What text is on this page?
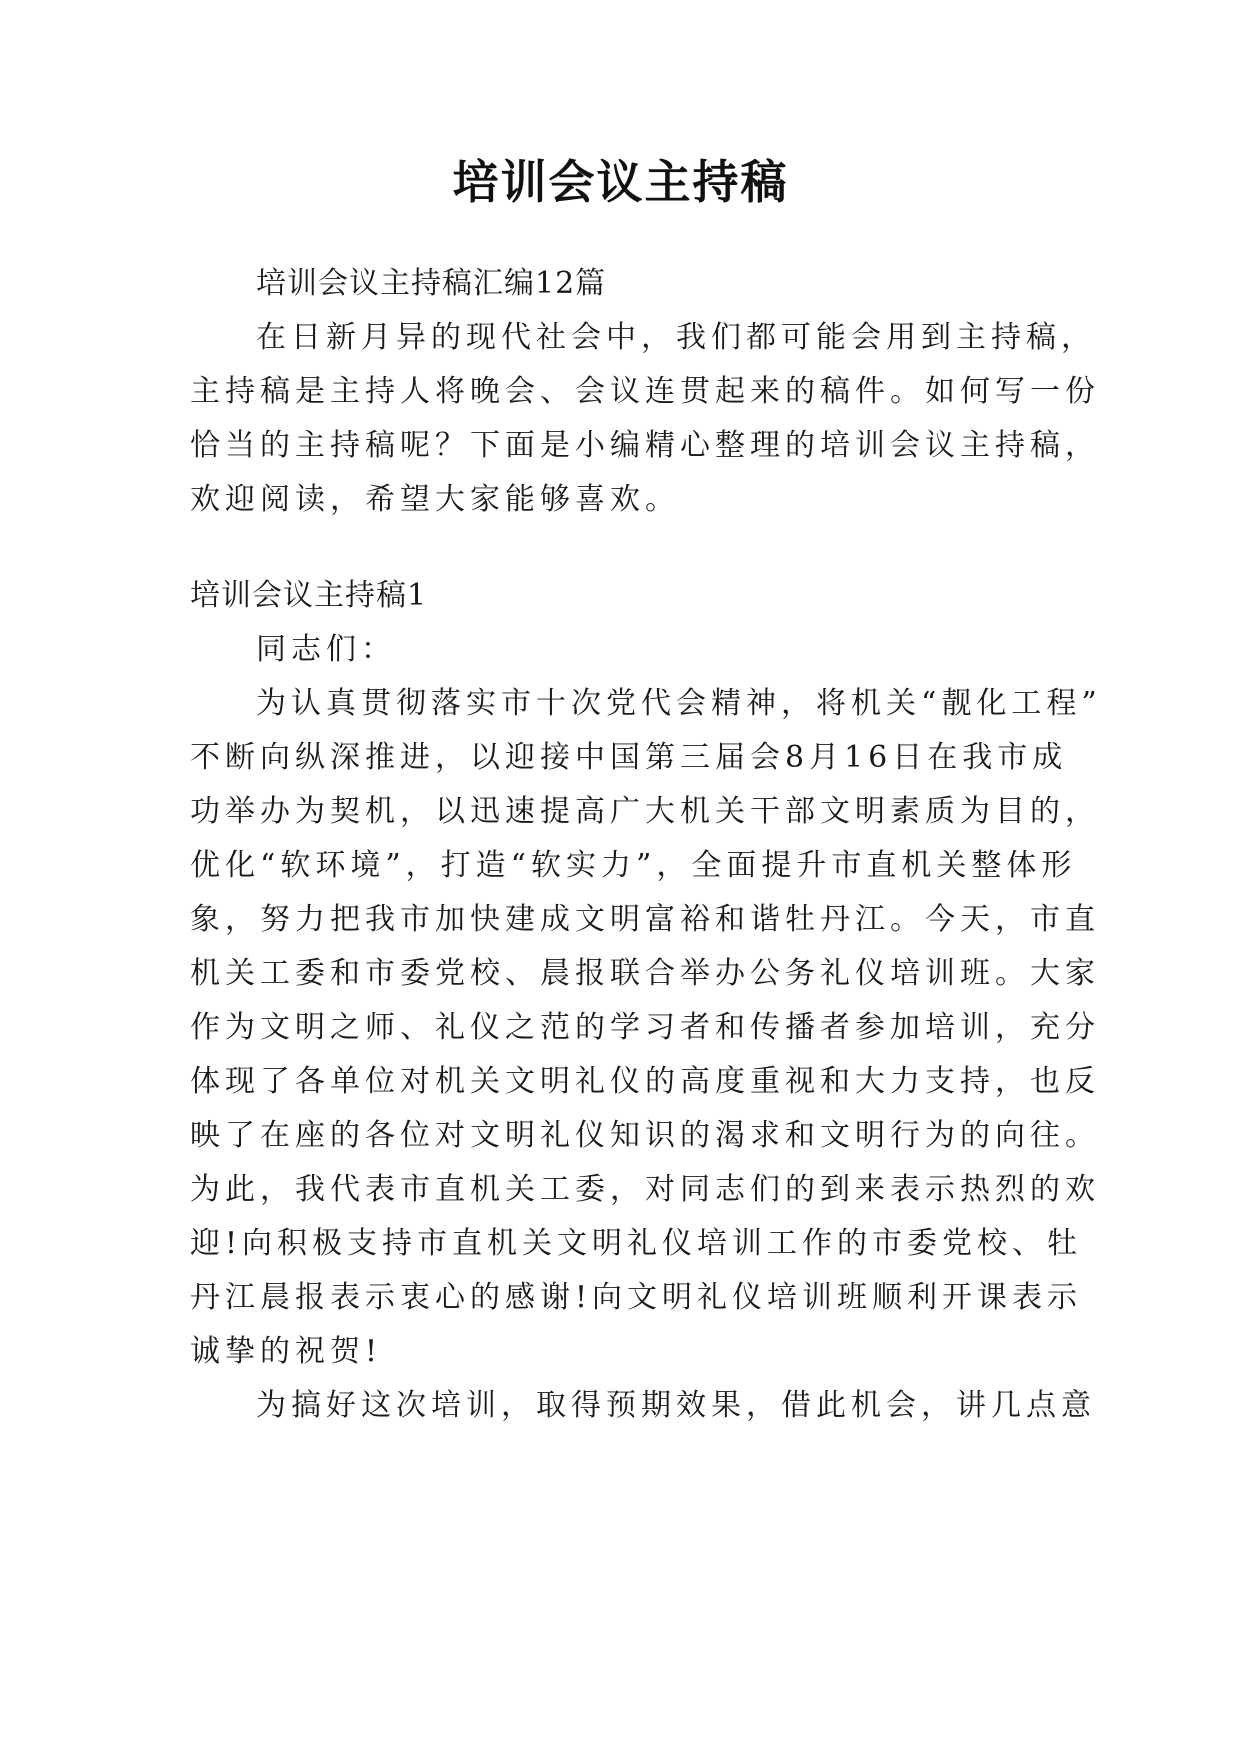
培训会议主持稿

培训会议主持稿汇编12篇

在日新月异的现代社会中，我们都可能会用到主持稿，

主持稿是主持人将晚会、会议连贯起来的稿件。如何写一份

恰当的主持稿呢？下面是小编精心整理的培训会议主持稿，

欢迎阅读，希望大家能够喜欢。

培训会议主持稿1

同志们：

为认真贯彻落实市十次党代会精神，将机关“靓化工程”

不断向纵深推进，以迎接中国第三届会8月16日在我市成

功举办为契机，以迅速提高广大机关干部文明素质为目的，

优化“软环境”，打造“软实力”，全面提升市直机关整体形

象，努力把我市加快建成文明富裕和谐牡丹江。今天，市直

机关工委和市委党校、晨报联合举办公务礼仪培训班。大家

作为文明之师、礼仪之范的学习者和传播者参加培训，充分

体现了各单位对机关文明礼仪的高度重视和大力支持，也反

映了在座的各位对文明礼仪知识的渴求和文明行为的向往。

为此，我代表市直机关工委，对同志们的到来表示热烈的欢

迎!向积极支持市直机关文明礼仪培训工作的市委党校、牡

丹江晨报表示衷心的感谢!向文明礼仪培训班顺利开课表示

诚挚的祝贺!

为搞好这次培训，取得预期效果，借此机会，讲几点意
